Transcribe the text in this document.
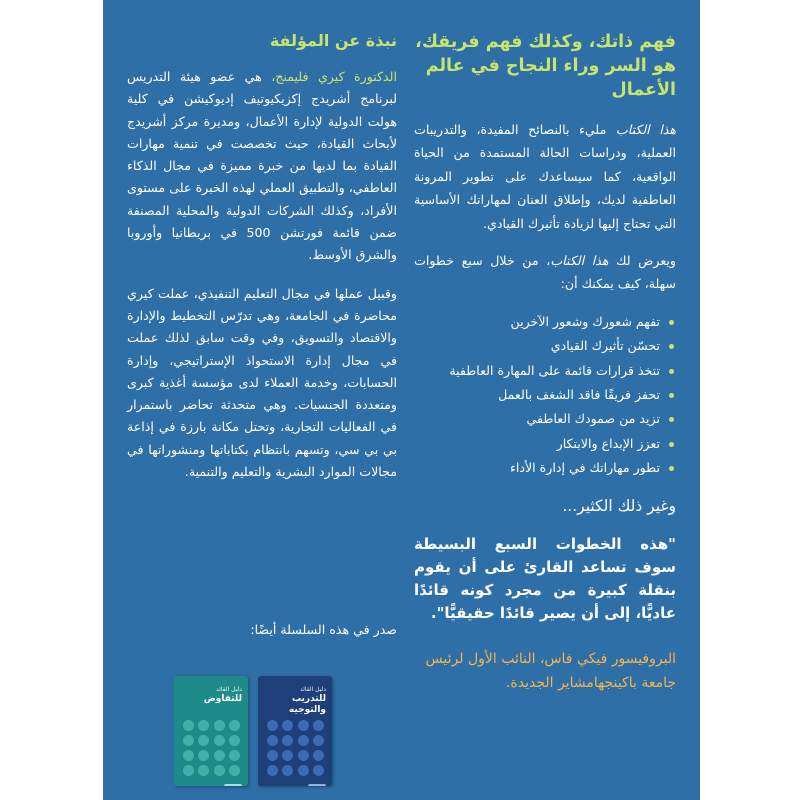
فهم ذاتك، وكذلك فهم فريقك، هو السر وراء النجاح في عالم الأعمال

هذا الكتاب مليء بالنصائح المفيدة، والتدريبات العملية، ودراسات الحالة المستمدة من الحياة الواقعية، كما سيساعدك على تطوير المرونة العاطفية لديك، وإطلاق العنان لمهاراتك الأساسية التي تحتاج إليها لزيادة تأثيرك القيادي.

ويعرض لك هذا الكتاب، من خلال سبع خطوات سهلة، كيف يمكنك أن:

تفهم شعورك وشعور الآخرين
تحسّن تأثيرك القيادي
تتخذ قرارات قائمة على المهارة العاطفية
تحفز فريقًا فاقد الشغف بالعمل
تزيد من صمودك العاطفي
تعزز الإبداع والابتكار
تطور مهاراتك في إدارة الأداء

وغير ذلك الكثير...

"هذه الخطوات السبع البسيطة سوف تساعد القارئ على أن يقوم بنقلة كبيرة من مجرد كونه قائدًا عاديًّا، إلى أن يصير قائدًا حقيقيًّا".

البروفيسور فيكي فاس، النائب الأول لرئيس جامعة باكينجهامشاير الجديدة.

نبذة عن المؤلفة

الدكتورة كيري فليمنج، هي عضو هيئة التدريس لبرنامج أشريدج إكزيكيوتيف إديوكيشن في كلية هولت الدولية لإدارة الأعمال، ومديرة مركز أشريدج لأبحاث القيادة، حيث تخصصت في تنمية مهارات القيادة بما لديها من خبرة مميزة في مجال الذكاء العاطفي، والتطبيق العملي لهذه الخبرة على مستوى الأفراد، وكذلك الشركات الدولية والمحلية المصنفة ضمن قائمة فورتشن 500 في بريطانيا وأوروبا والشرق الأوسط.

وقبيل عملها في مجال التعليم التنفيذي، عملت كيري محاضرة في الجامعة، وهي تدرّس التخطيط والإدارة والاقتصاد والتسويق، وفي وقت سابق لذلك عملت في مجال إدارة الاستحواذ الإستراتيجي، وإدارة الحسابات، وخدمة العملاء لدى مؤسسة أغذية كبرى ومتعددة الجنسيات. وهي متحدثة تحاضر باستمرار في الفعاليات التجارية، وتحتل مكانة بارزة في إذاعة بي بي سي، وتسهم بانتظام بكتاباتها ومنشوراتها في مجالات الموارد البشرية والتعليم والتنمية.

صدر في هذه السلسلة أيضًا:
دليل القائد
للتدريب والتوجيه
دليل القائد
للتفاوض
